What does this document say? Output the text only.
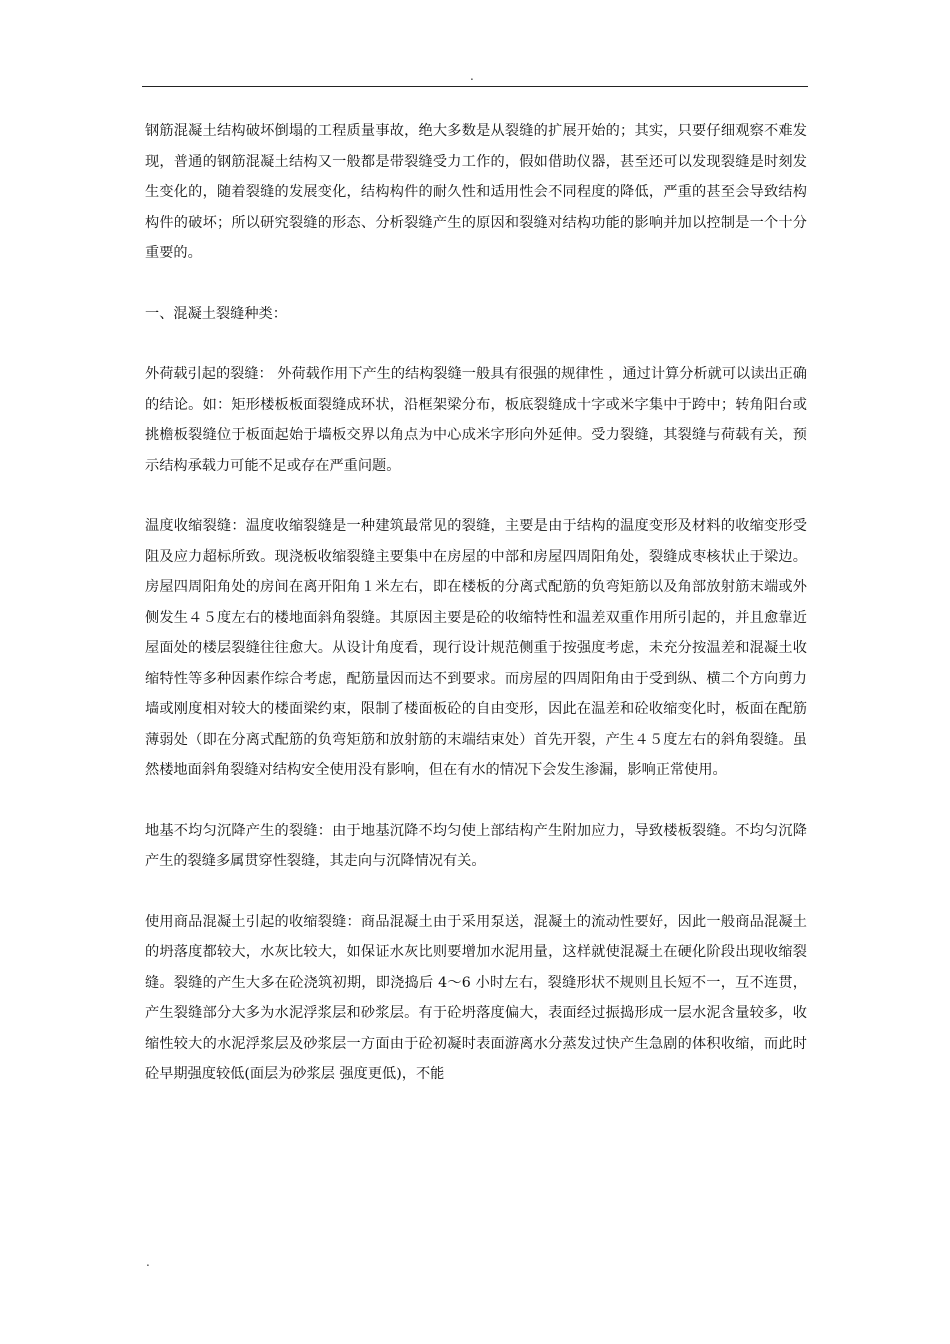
.

钢筋混凝土结构破坏倒塌的工程质量事故，绝大多数是从裂缝的扩展开始的；其实，只要仔细观察不难发现，普通的钢筋混凝土结构又一般都是带裂缝受力工作的，假如借助仪器，甚至还可以发现裂缝是时刻发生变化的，随着裂缝的发展变化，结构构件的耐久性和适用性会不同程度的降低，严重的甚至会导致结构构件的破坏；所以研究裂缝的形态、分析裂缝产生的原因和裂缝对结构功能的影响并加以控制是一个十分重要的。

一、混凝土裂缝种类：

外荷载引起的裂缝： 外荷载作用下产生的结构裂缝一般具有很强的规律性 ，通过计算分析就可以读出正确的结论。如：矩形楼板板面裂缝成环状，沿框架梁分布，板底裂缝成十字或米字集中于跨中；转角阳台或挑檐板裂缝位于板面起始于墙板交界以角点为中心成米字形向外延伸。受力裂缝，其裂缝与荷载有关，预示结构承载力可能不足或存在严重问题。

温度收缩裂缝：温度收缩裂缝是一种建筑最常见的裂缝，主要是由于结构的温度变形及材料的收缩变形受阻及应力超标所致。现浇板收缩裂缝主要集中在房屋的中部和房屋四周阳角处，裂缝成枣核状止于梁边。房屋四周阳角处的房间在离开阳角１米左右，即在楼板的分离式配筋的负弯矩筋以及角部放射筋末端或外侧发生４５度左右的楼地面斜角裂缝。其原因主要是砼的收缩特性和温差双重作用所引起的，并且愈靠近屋面处的楼层裂缝往往愈大。从设计角度看，现行设计规范侧重于按强度考虑，未充分按温差和混凝土收缩特性等多种因素作综合考虑，配筋量因而达不到要求。而房屋的四周阳角由于受到纵、横二个方向剪力墙或刚度相对较大的楼面梁约束，限制了楼面板砼的自由变形，因此在温差和砼收缩变化时，板面在配筋薄弱处（即在分离式配筋的负弯矩筋和放射筋的末端结束处）首先开裂，产生４５度左右的斜角裂缝。虽然楼地面斜角裂缝对结构安全使用没有影响，但在有水的情况下会发生渗漏，影响正常使用。

地基不均匀沉降产生的裂缝：由于地基沉降不均匀使上部结构产生附加应力，导致楼板裂缝。不均匀沉降产生的裂缝多属贯穿性裂缝，其走向与沉降情况有关。

使用商品混凝土引起的收缩裂缝：商品混凝土由于采用泵送，混凝土的流动性要好，因此一般商品混凝土的坍落度都较大，水灰比较大，如保证水灰比则要增加水泥用量，这样就使混凝土在硬化阶段出现收缩裂缝。裂缝的产生大多在砼浇筑初期，即浇捣后 4～6 小时左右，裂缝形状不规则且长短不一，互不连贯，产生裂缝部分大多为水泥浮浆层和砂浆层。有于砼坍落度偏大，表面经过振捣形成一层水泥含量较多，收缩性较大的水泥浮浆层及砂浆层一方面由于砼初凝时表面游离水分蒸发过快产生急剧的体积收缩，而此时砼早期强度较低(面层为砂浆层 强度更低)，不能

.
